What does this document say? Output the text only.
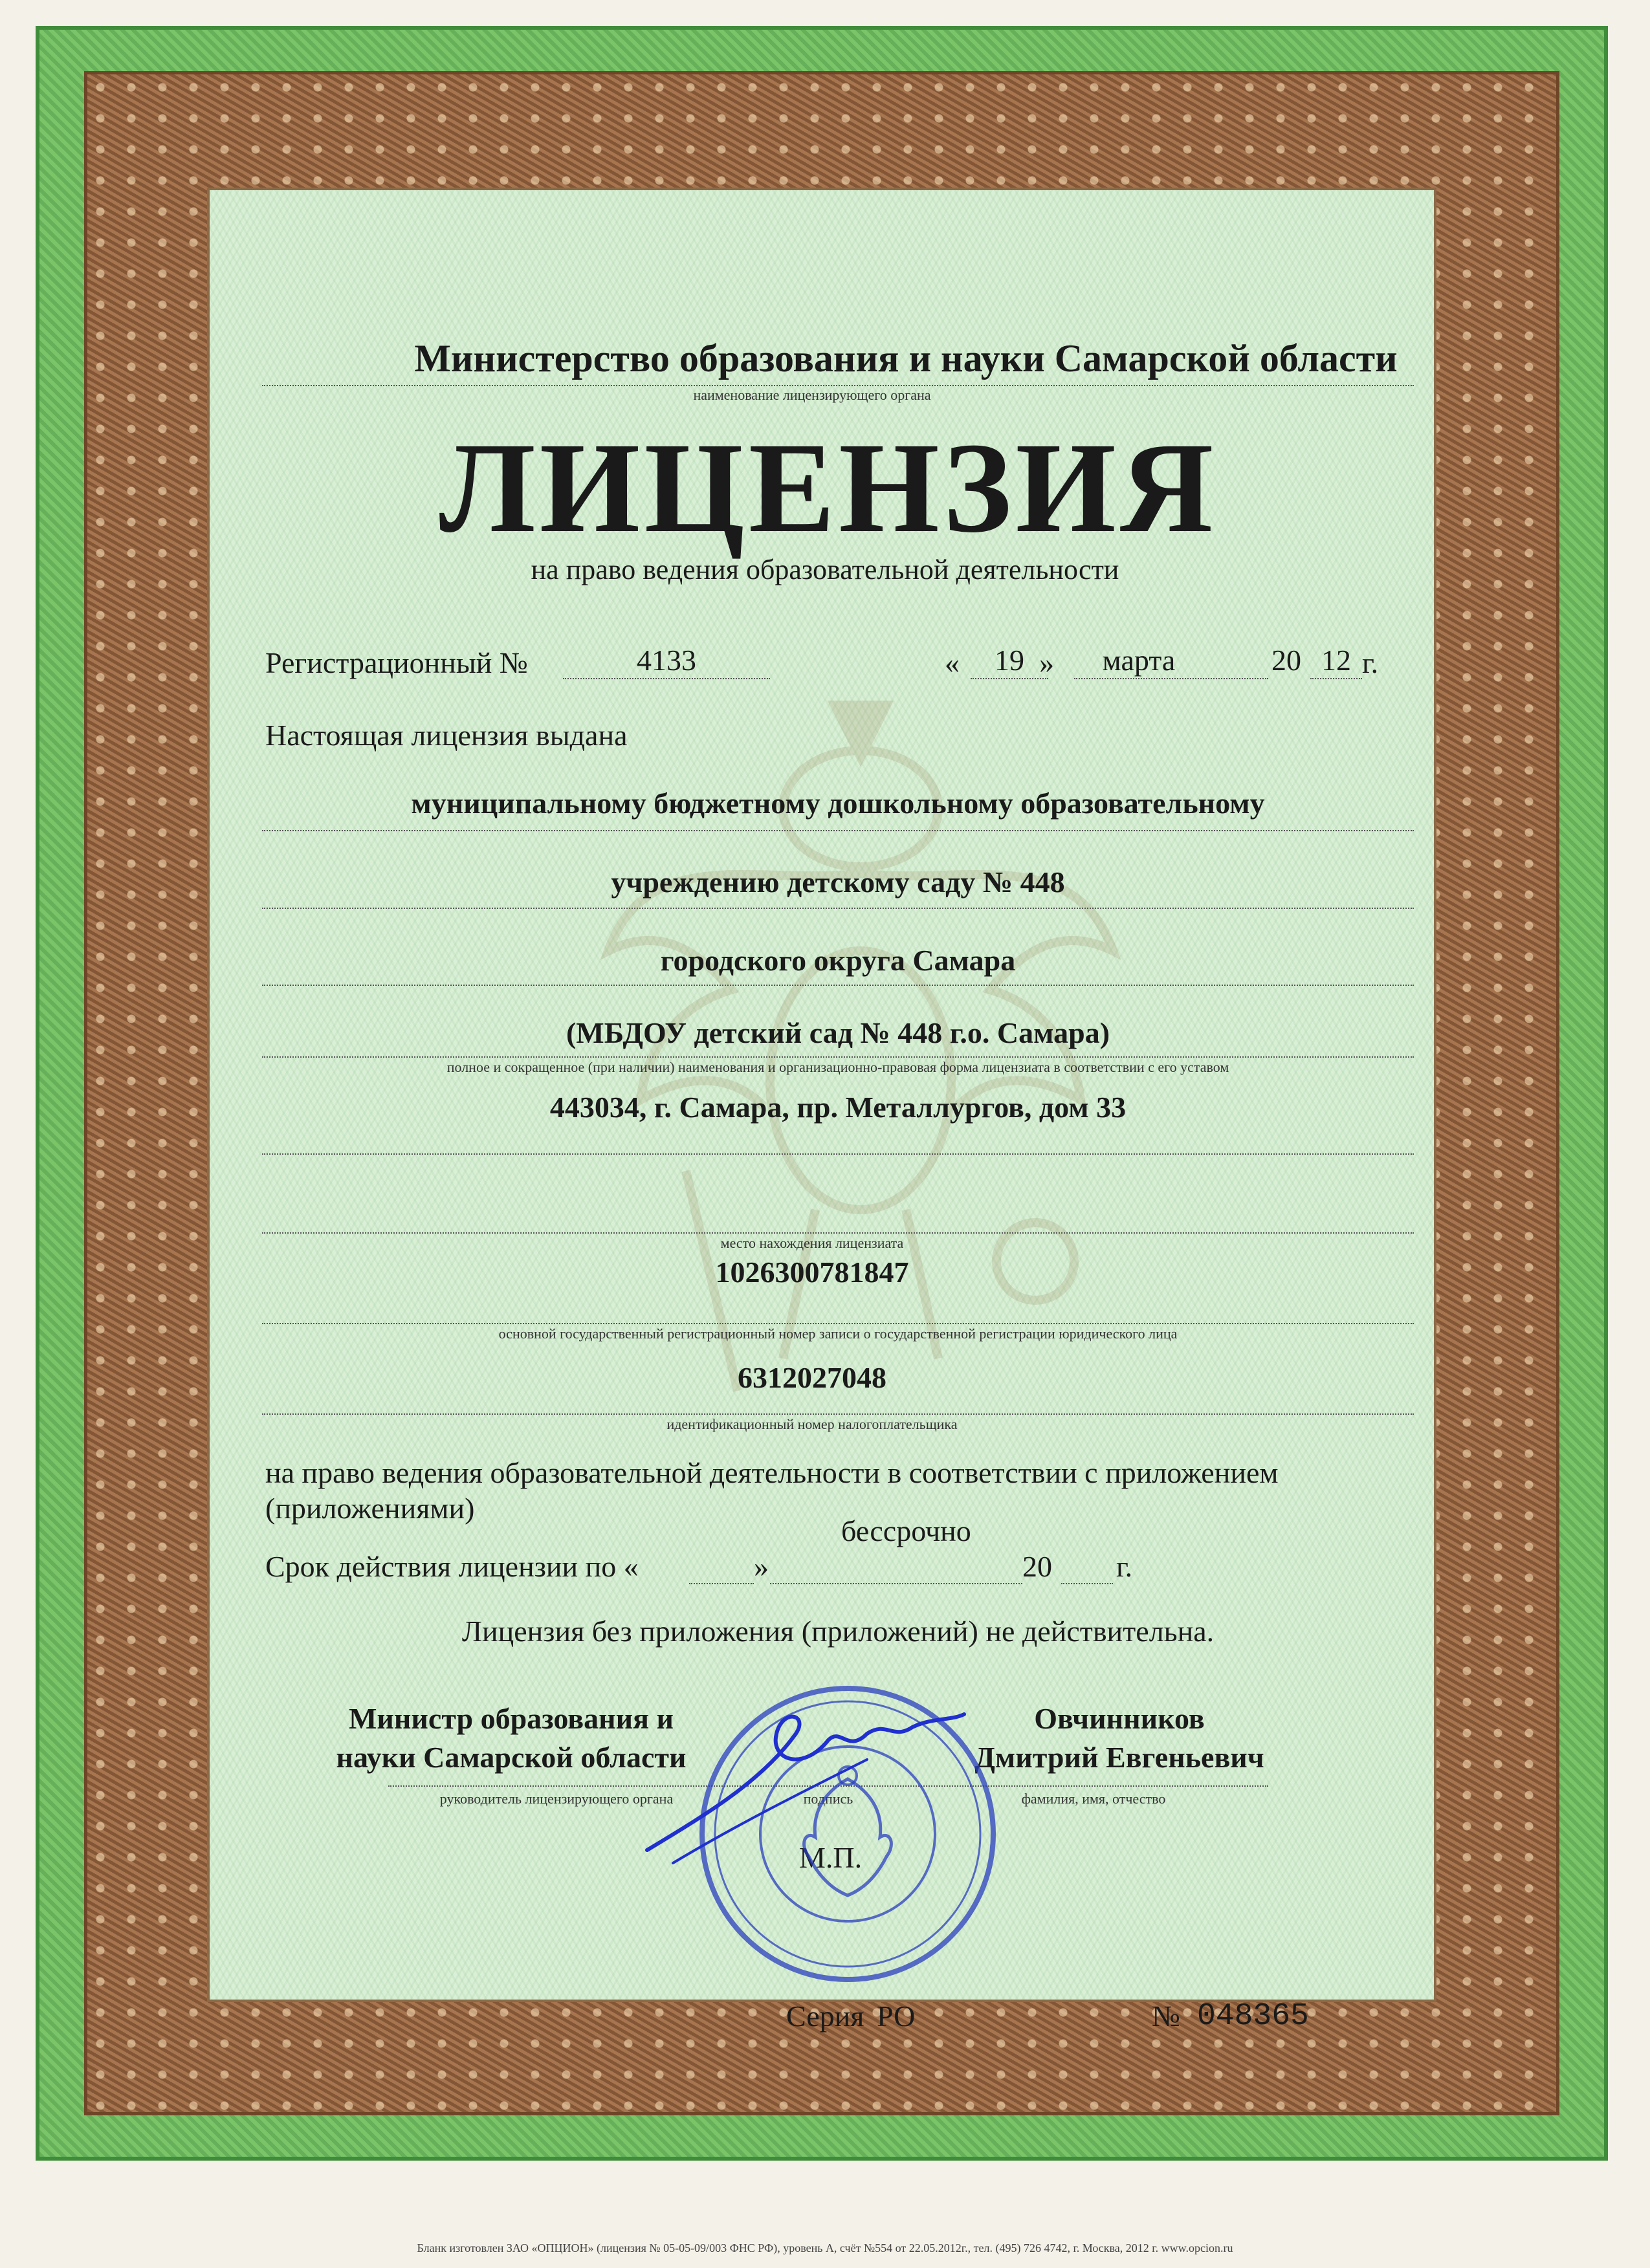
Министерство образования и науки Самарской области
наименование лицензирующего органа
ЛИЦЕНЗИЯ
на право ведения образовательной деятельности
Регистрационный №	4133	«	19 »	марта	20 12 г.
Настоящая лицензия выдана
муниципальному бюджетному дошкольному образовательному
учреждению детскому саду № 448
городского округа Самара
(МБДОУ детский сад № 448 г.о. Самара)
полное и сокращенное (при наличии) наименования и организационно-правовая форма лицензиата в соответствии с его уставом
443034, г. Самара, пр. Металлургов, дом 33
место нахождения лицензиата
1026300781847
основной государственный регистрационный номер записи о государственной регистрации юридического лица
6312027048
идентификационный номер налогоплательщика
на право ведения образовательной деятельности в соответствии с приложением
(приложениями)
бессрочно
Срок действия лицензии по «	»	20 г.
Лицензия без приложения (приложений) не действительна.
Министр образования и
науки Самарской области
Овчинников
Дмитрий Евгеньевич
руководитель лицензирующего органа	подпись	фамилия, имя, отчество
М.П.
Серия РО	№ 048365
Бланк изготовлен ЗАО «ОПЦИОН» (лицензия № 05-05-09/003 ФНС РФ), уровень А, счёт №554 от 22.05.2012г., тел. (495) 726 4742, г. Москва, 2012 г. www.opcion.ru
